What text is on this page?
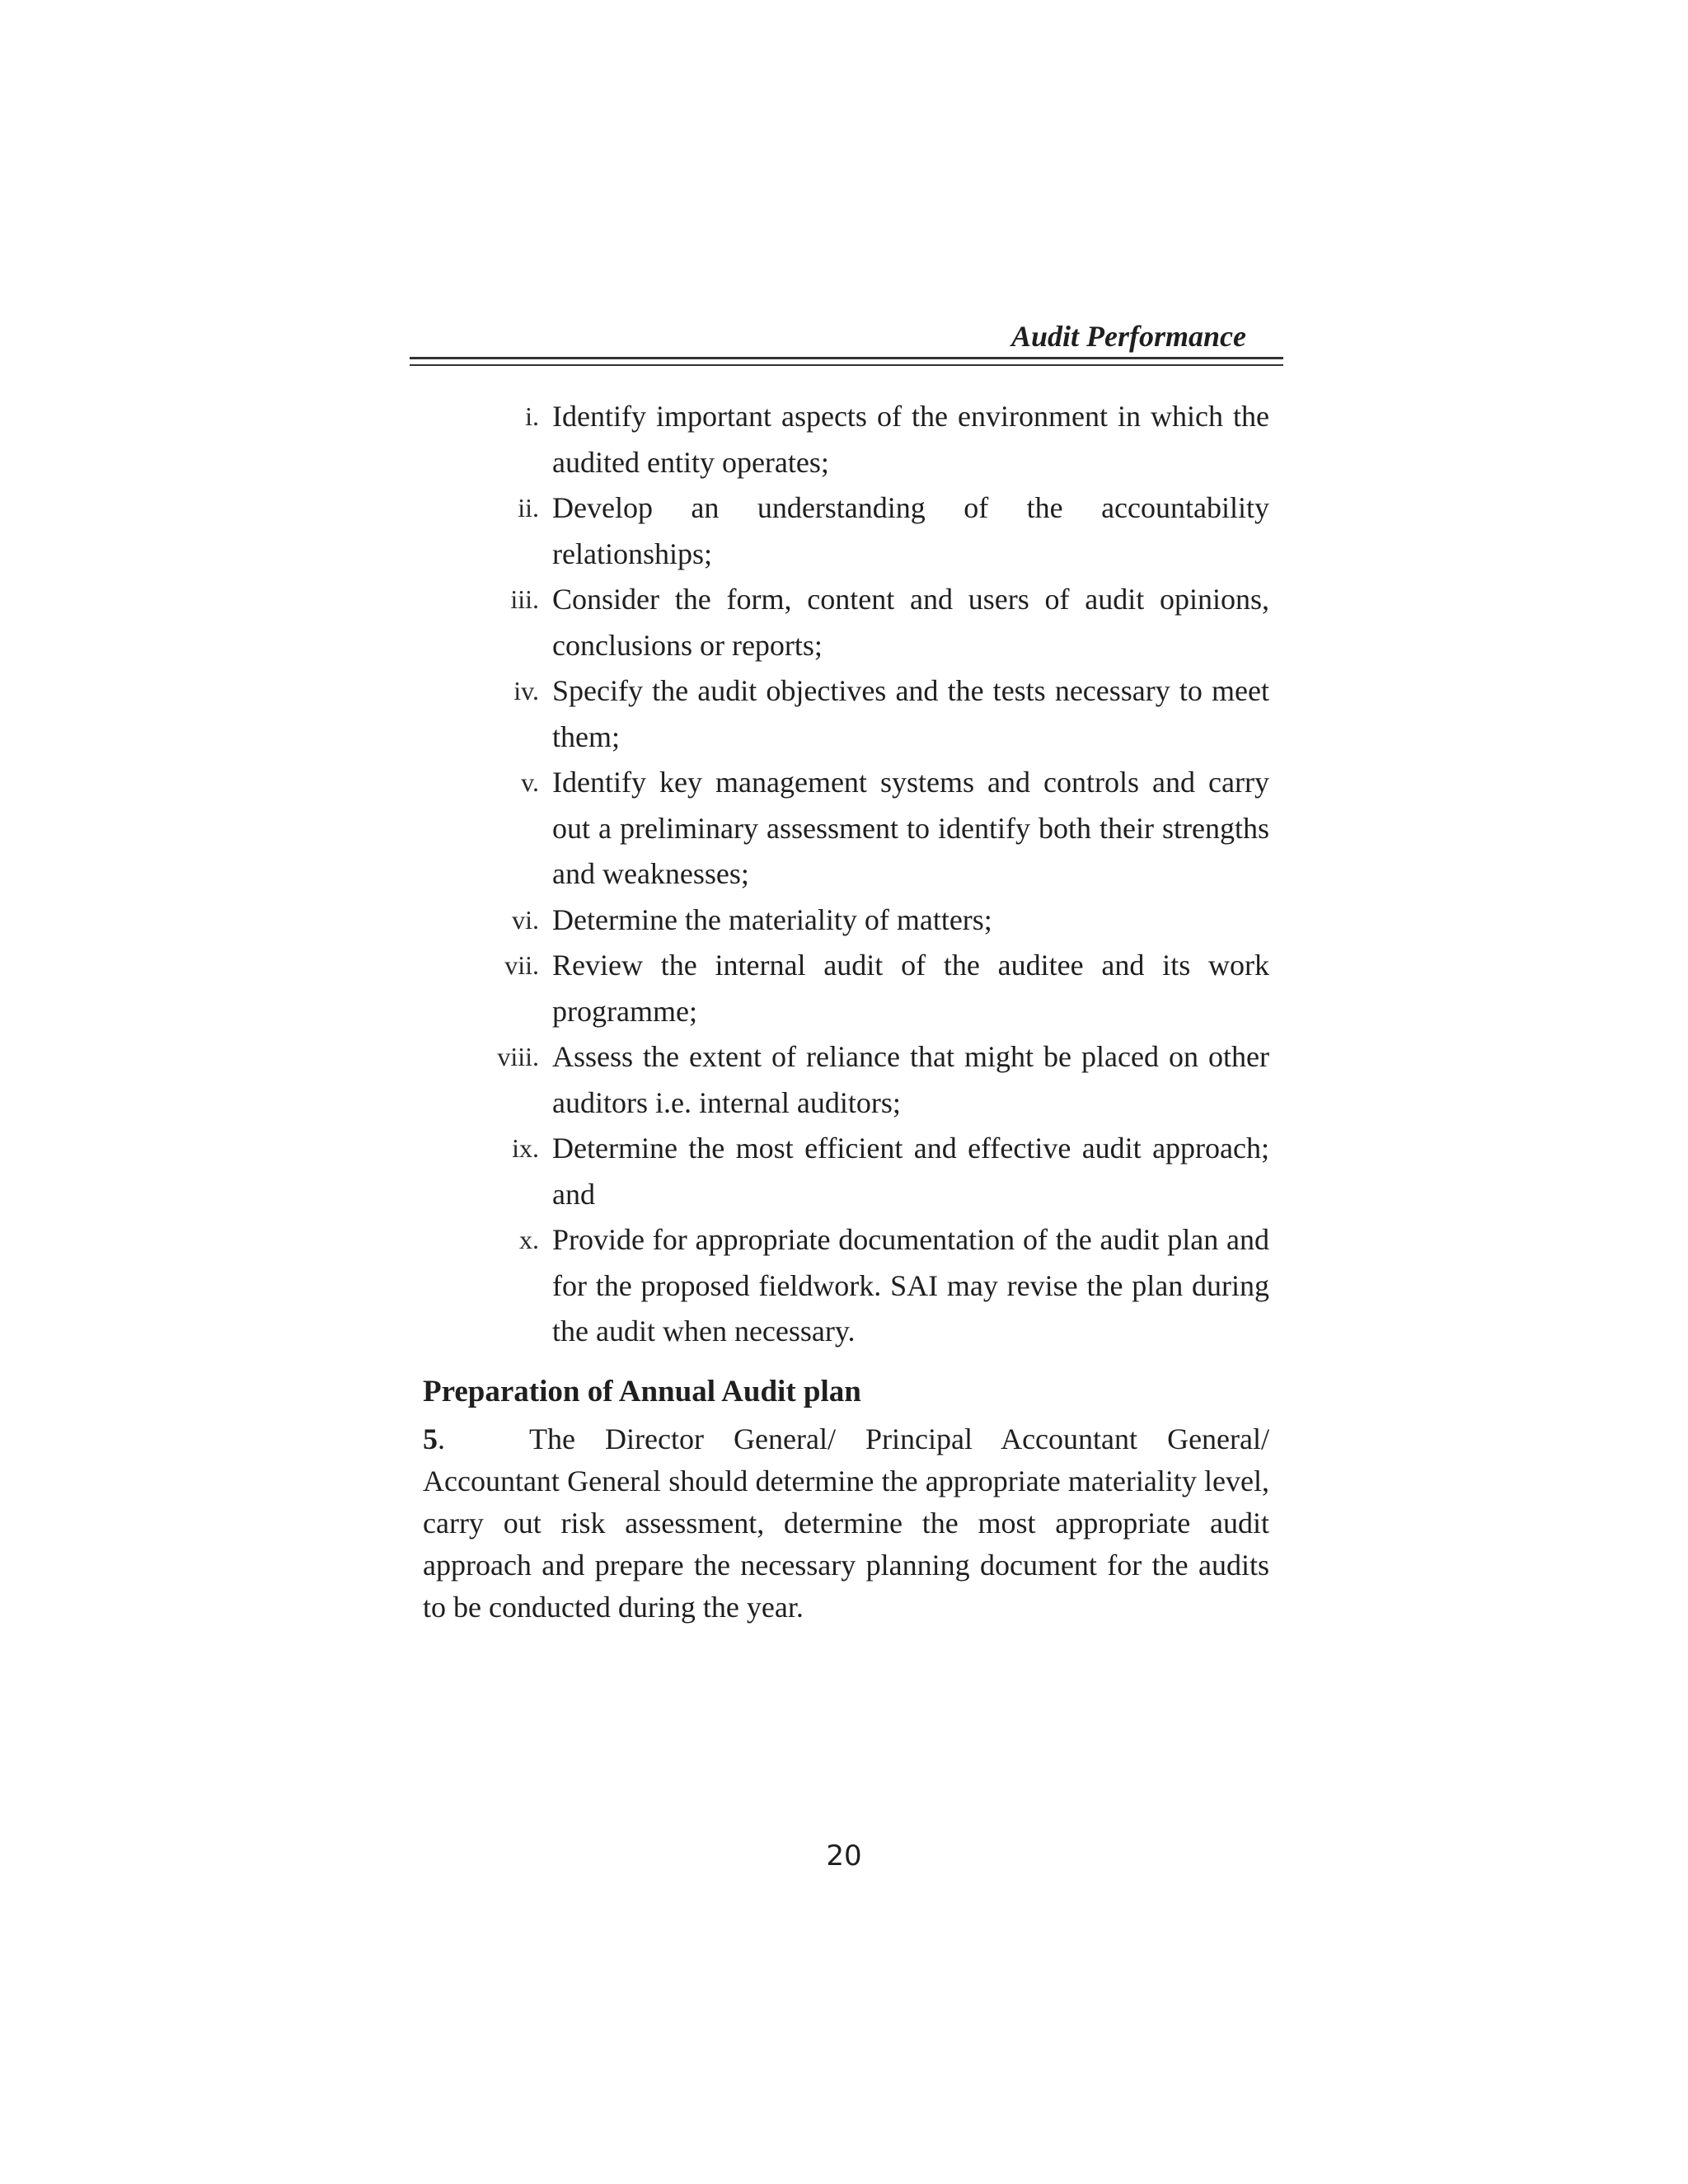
Audit Performance
i. Identify important aspects of the environment in which the audited entity operates;
ii. Develop an understanding of the accountability relationships;
iii. Consider the form, content and users of audit opinions, conclusions or reports;
iv. Specify the audit objectives and the tests necessary to meet them;
v. Identify key management systems and controls and carry out a preliminary assessment to identify both their strengths and weaknesses;
vi. Determine the materiality of matters;
vii. Review the internal audit of the auditee and its work programme;
viii. Assess the extent of reliance that might be placed on other auditors i.e. internal auditors;
ix. Determine the most efficient and effective audit approach; and
x. Provide for appropriate documentation of the audit plan and for the proposed fieldwork. SAI may revise the plan during the audit when necessary.
Preparation of Annual Audit plan

5.	The Director General/ Principal Accountant General/ Accountant General should determine the appropriate materiality level, carry out risk assessment, determine the most appropriate audit approach and prepare the necessary planning document for the audits to be conducted during the year.

20
